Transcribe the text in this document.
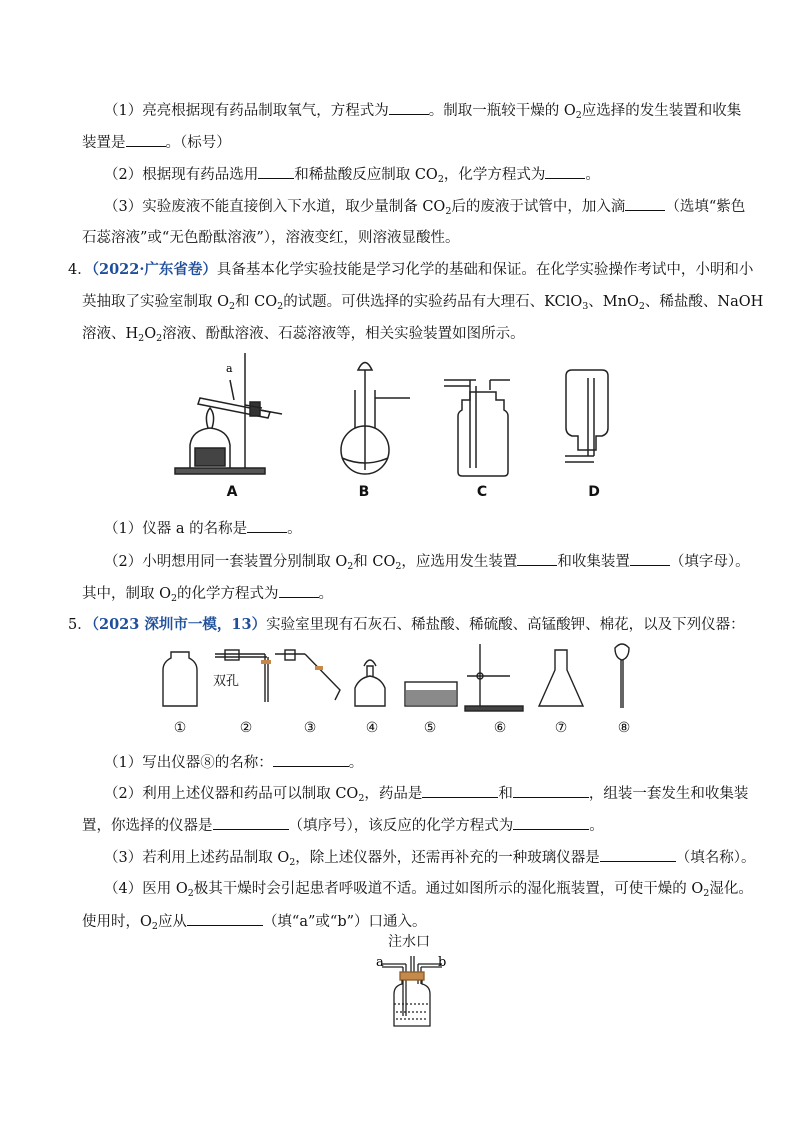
（1）亮亮根据现有药品制取氧气，方程式为	。制取一瓶较干燥的 $O_2$应选择的发生装置和收集
装置是	。（标号）
（2）根据现有药品选用 和稀盐酸反应制取 $CO_2$，化学方程式为	。
（3）实验废液不能直接倒入下水道，取少量制备 $CO_2$后的废液于试管中，加入滴	（选填“紫色
石蕊溶液”或“无色酚酞溶液”），溶液变红，则溶液显酸性。
4．（2022·广东省卷）具备基本化学实验技能是学习化学的基础和保证。在化学实验操作考试中，小明和小
英抽取了实验室制取 $O_2$和 $CO_2$的试题。可供选择的实验药品有大理石、KClO$_3$、MnO$_2$、稀盐酸、NaOH
溶液、$H_2O_2$溶液、酚酞溶液、石蕊溶液等，相关实验装置如图所示。
a
A	B	C	D
（1）仪器 a 的名称是	。
（2）小明想用同一套装置分别制取 $O_2$和 $CO_2$，应选用发生装置	和收集装置	（填字母）。
其中，制取 $O_2$的化学方程式为	。
5．（2023 深圳市一模，13）实验室里现有石灰石、稀盐酸、稀硫酸、高锰酸钾、棉花，以及下列仪器：
双孔
①	②	③	④	⑤	⑥	⑦	⑧
（1）写出仪器⑧的名称：	。
（2）利用上述仪器和药品可以制取 $CO_2$，药品是	和	，组装一套发生和收集装
置，你选择的仪器是	（填序号），该反应的化学方程式为	。
（3）若利用上述药品制取 $O_2$，除上述仪器外，还需再补充的一种玻璃仪器是	（填名称）。
（4）医用 $O_2$极其干燥时会引起患者呼吸道不适。通过如图所示的湿化瓶装置，可使干燥的 $O_2$湿化。
使用时，$O_2$应从	（填“a”或“b”）口通入。
注水口
a	b
